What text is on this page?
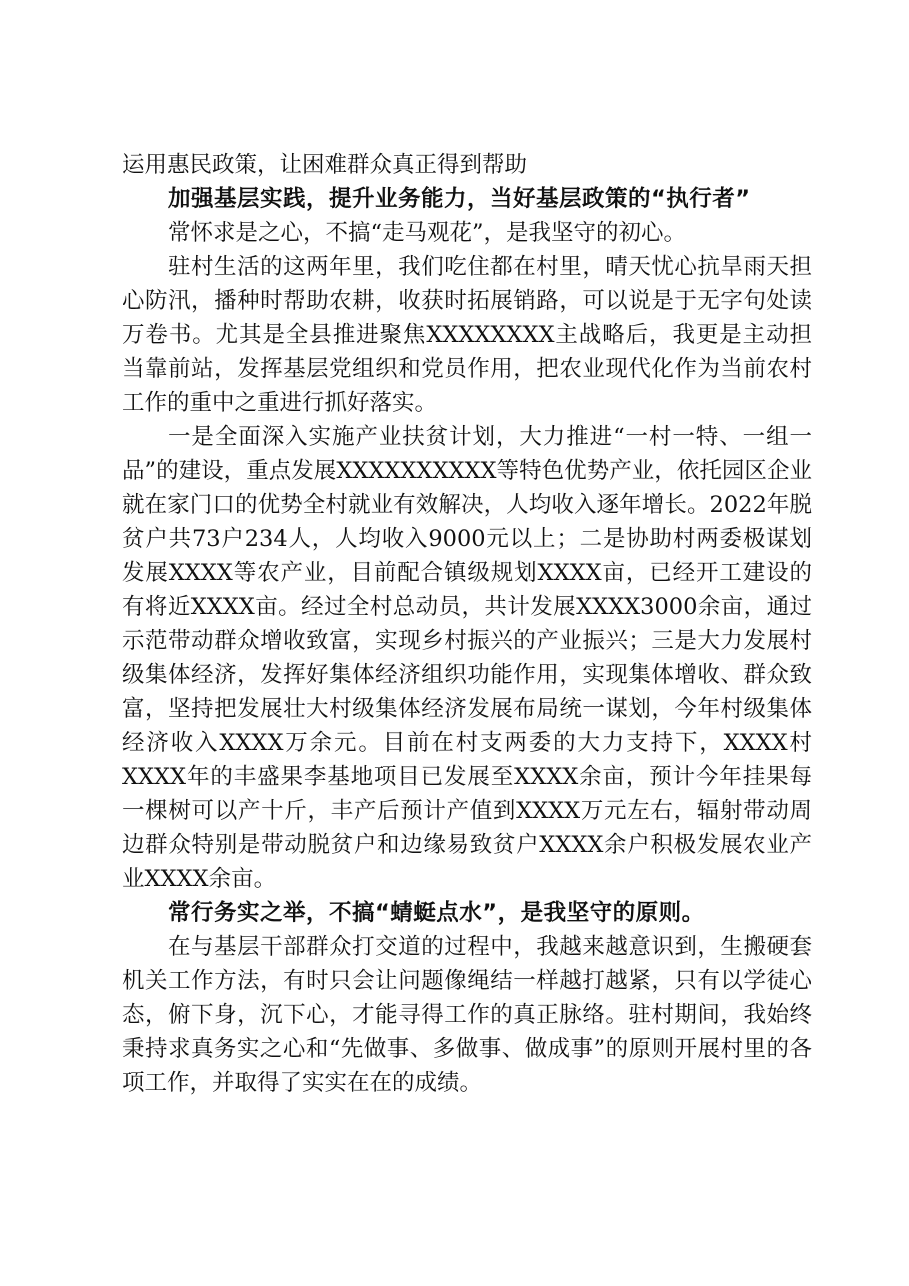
运用惠民政策，让困难群众真正得到帮助

加强基层实践，提升业务能力，当好基层政策的“执行者”

常怀求是之心，不搞“走马观花”，是我坚守的初心。

驻村生活的这两年里，我们吃住都在村里，晴天忧心抗旱雨天担心防汛，播种时帮助农耕，收获时拓展销路，可以说是于无字句处读万卷书。尤其是全县推进聚焦XXXXXXXX主战略后，我更是主动担当靠前站，发挥基层党组织和党员作用，把农业现代化作为当前农村工作的重中之重进行抓好落实。

一是全面深入实施产业扶贫计划，大力推进“一村一特、一组一品”的建设，重点发展XXXXXXXXXX等特色优势产业，依托园区企业就在家门口的优势全村就业有效解决，人均收入逐年增长。2022年脱贫户共73户234人，人均收入9000元以上；二是协助村两委极谋划发展XXXX等农产业，目前配合镇级规划XXXX亩，已经开工建设的有将近XXXX亩。经过全村总动员，共计发展XXXX3000余亩，通过示范带动群众增收致富，实现乡村振兴的产业振兴；三是大力发展村级集体经济，发挥好集体经济组织功能作用，实现集体增收、群众致富，坚持把发展壮大村级集体经济发展布局统一谋划，今年村级集体经济收入XXXX万余元。目前在村支两委的大力支持下，XXXX村XXXX年的丰盛果李基地项目已发展至XXXX余亩，预计今年挂果每一棵树可以产十斤，丰产后预计产值到XXXX万元左右，辐射带动周边群众特别是带动脱贫户和边缘易致贫户XXXX余户积极发展农业产业XXXX余亩。

常行务实之举，不搞“蜻蜓点水”，是我坚守的原则。

在与基层干部群众打交道的过程中，我越来越意识到，生搬硬套机关工作方法，有时只会让问题像绳结一样越打越紧，只有以学徒心态，俯下身，沉下心，才能寻得工作的真正脉络。驻村期间，我始终秉持求真务实之心和“先做事、多做事、做成事”的原则开展村里的各项工作，并取得了实实在在的成绩。
